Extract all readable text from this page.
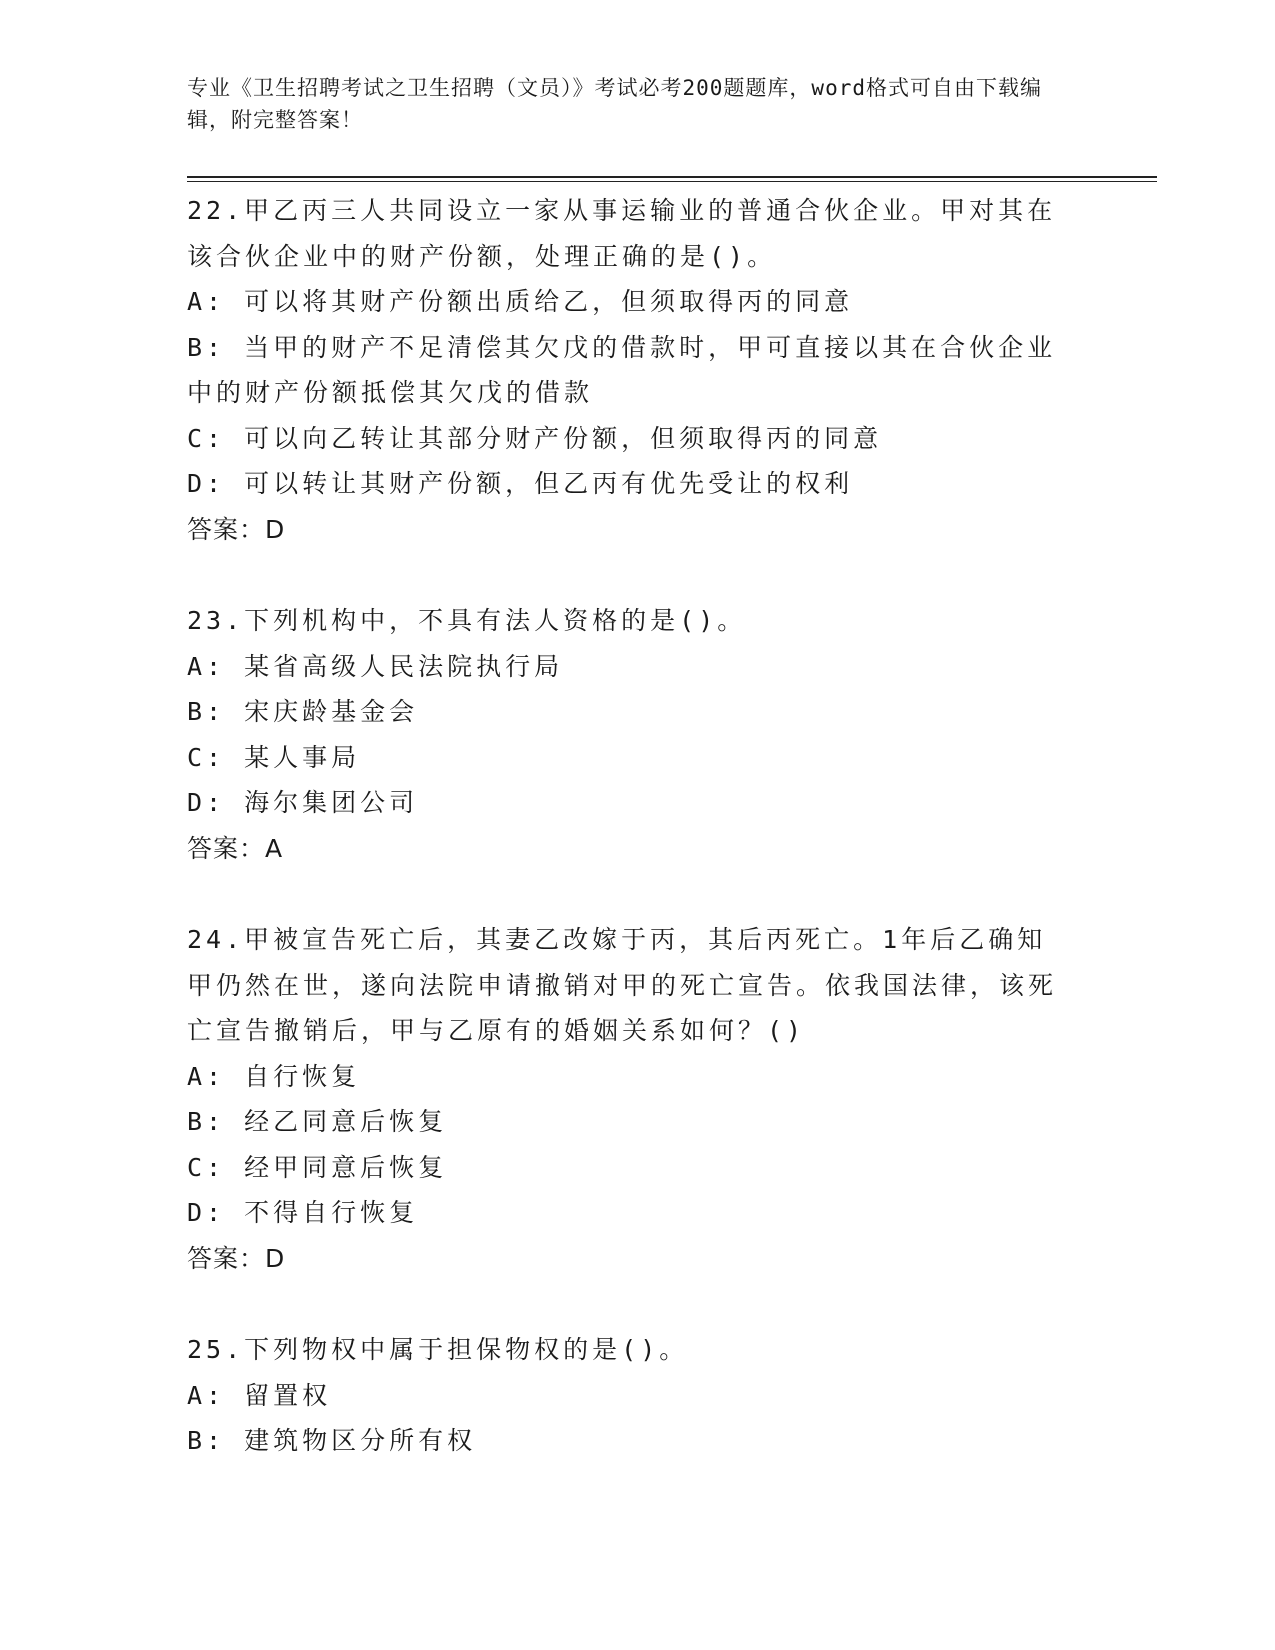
专业《卫生招聘考试之卫生招聘（文员）》考试必考200题题库，word格式可自由下载编辑，附完整答案！
22.甲乙丙三人共同设立一家从事运输业的普通合伙企业。甲对其在该合伙企业中的财产份额，处理正确的是()。
A: 可以将其财产份额出质给乙，但须取得丙的同意
B: 当甲的财产不足清偿其欠戊的借款时，甲可直接以其在合伙企业中的财产份额抵偿其欠戊的借款
C: 可以向乙转让其部分财产份额，但须取得丙的同意
D: 可以转让其财产份额，但乙丙有优先受让的权利
答案：D
23.下列机构中，不具有法人资格的是()。
A: 某省高级人民法院执行局
B: 宋庆龄基金会
C: 某人事局
D: 海尔集团公司
答案：A
24.甲被宣告死亡后，其妻乙改嫁于丙，其后丙死亡。1年后乙确知甲仍然在世，遂向法院申请撤销对甲的死亡宣告。依我国法律，该死亡宣告撤销后，甲与乙原有的婚姻关系如何？()
A: 自行恢复
B: 经乙同意后恢复
C: 经甲同意后恢复
D: 不得自行恢复
答案：D
25.下列物权中属于担保物权的是()。
A: 留置权
B: 建筑物区分所有权
